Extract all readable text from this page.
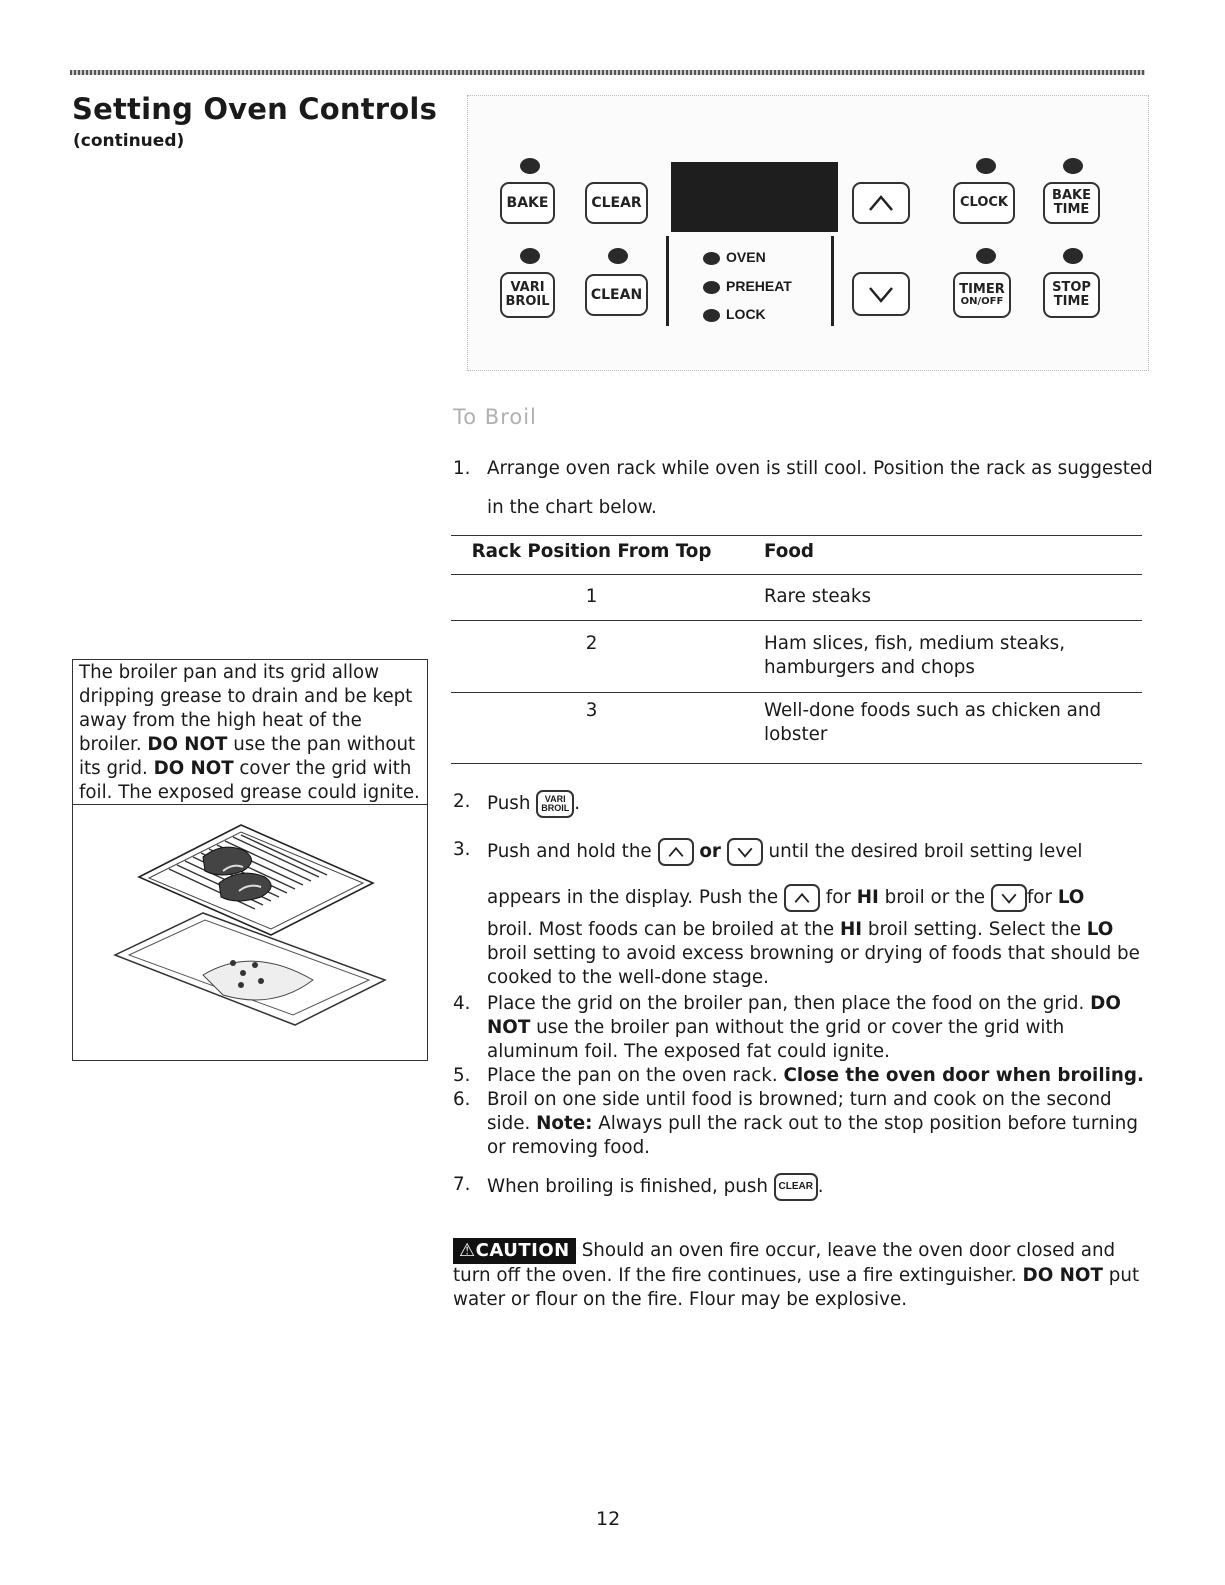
Setting Oven Controls
(continued)
BAKE	CLEAR	CLOCK	BAKE
TIME
VARI
BROIL	CLEAN
OVEN
PREHEAT
LOCK
TIMER
ON/OFF
STOP
TIME
The broiler pan and its grid allow dripping grease to drain and be kept away from the high heat of the broiler. DO NOT use the pan without its grid. DO NOT cover the grid with foil. The exposed grease could ignite.
To Broil
1. Arrange oven rack while oven is still cool. Position the rack as suggested in the chart below.
Rack Position From Top	Food
1	Rare steaks
2	Ham slices, fish, medium steaks, hamburgers and chops
3	Well-done foods such as chicken and lobster
2. Push	VARI
BROIL .
3. Push and hold the	or	until the desired broil setting level
appears in the display. Push the	for HI broil or the for LO
broil. Most foods can be broiled at the HI broil setting. Select the LO broil setting to avoid excess browning or drying of foods that should be cooked to the well-done stage.
4. Place the grid on the broiler pan, then place the food on the grid. DO NOT use the broiler pan without the grid or cover the grid with aluminum foil. The exposed fat could ignite.
5. Place the pan on the oven rack. Close the oven door when broiling.
6. Broil on one side until food is browned; turn and cook on the second side. Note: Always pull the rack out to the stop position before turning or removing food.
7. When broiling is finished, push CLEAR .
⚠CAUTION Should an oven fire occur, leave the oven door closed and turn off the oven. If the fire continues, use a fire extinguisher. DO NOT put water or flour on the fire. Flour may be explosive.
12
